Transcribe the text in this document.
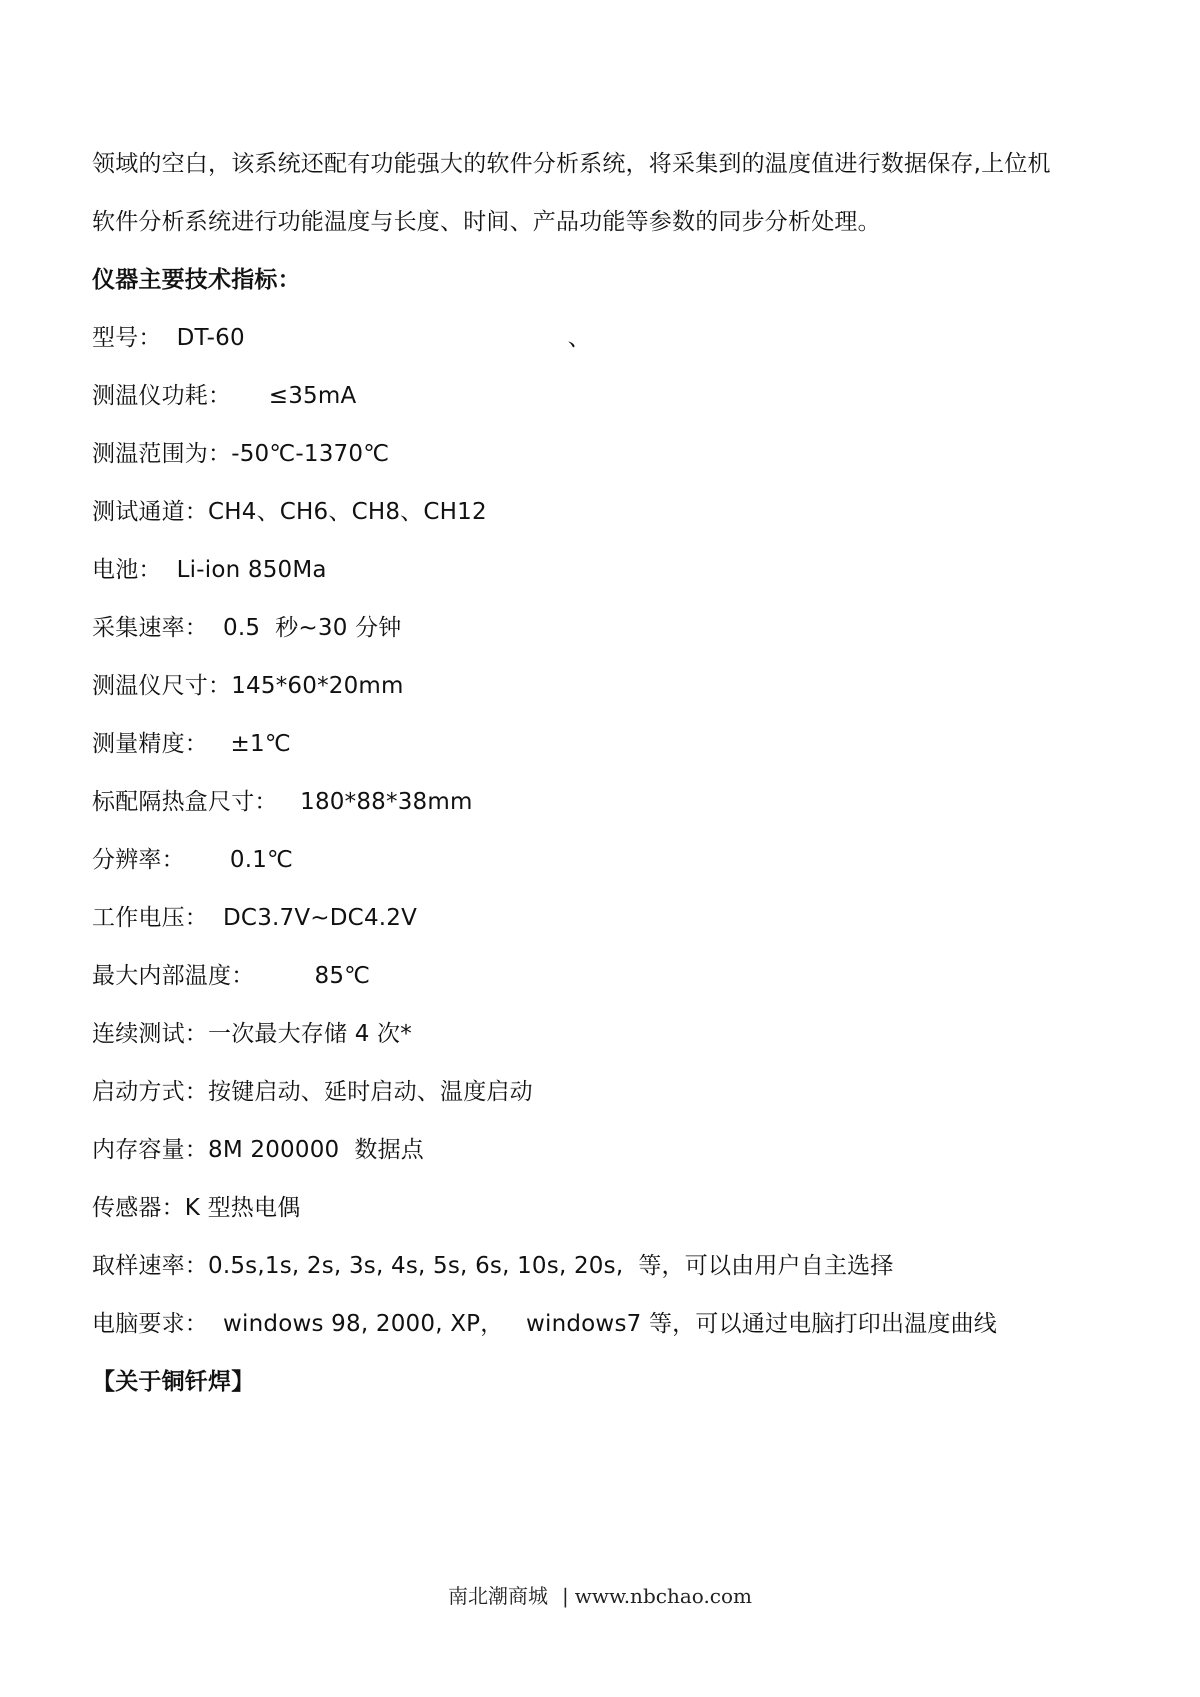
领域的空白，该系统还配有功能强大的软件分析系统，将采集到的温度值进行数据保存,上位机
软件分析系统进行功能温度与长度、时间、产品功能等参数的同步分析处理。
仪器主要技术指标：
型号：  DT-60                                           、
测温仪功耗：     ≤35mA
测温范围为：-50℃-1370℃
测试通道：CH4、CH6、CH8、CH12
电池：  Li-ion 850Ma
采集速率：  0.5  秒~30 分钟
测温仪尺寸：145*60*20mm
测量精度：   ±1℃
标配隔热盒尺寸：   180*88*38mm
分辨率：      0.1℃
工作电压：  DC3.7V~DC4.2V
最大内部温度：        85℃
连续测试：一次最大存储 4 次*
启动方式：按键启动、延时启动、温度启动
内存容量：8M 200000  数据点
传感器：K 型热电偶
取样速率：0.5s,1s, 2s, 3s, 4s, 5s, 6s, 10s, 20s,  等，可以由用户自主选择
电脑要求：  windows 98, 2000, XP，   windows7 等，可以通过电脑打印出温度曲线
【关于铜钎焊】
南北潮商城 | www.nbchao.com
